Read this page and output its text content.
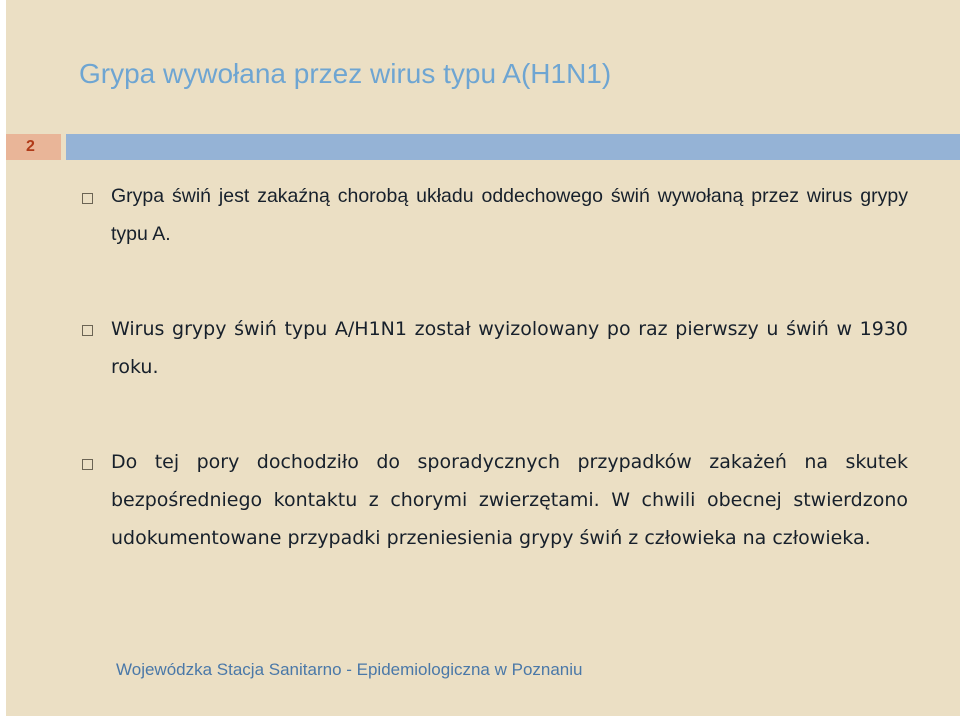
Grypa wywołana przez wirus typu A(H1N1)
2
Grypa świń jest zakaźną chorobą układu oddechowego świń wywołaną przez wirus grypy typu A.
Wirus grypy świń typu A/H1N1 został wyizolowany po raz pierwszy u świń w 1930 roku.
Do tej pory dochodziło do sporadycznych przypadków zakażeń na skutek bezpośredniego kontaktu z chorymi zwierzętami. W chwili obecnej stwierdzono udokumentowane przypadki przeniesienia grypy świń z człowieka na człowieka.
Wojewódzka Stacja Sanitarno - Epidemiologiczna w Poznaniu
